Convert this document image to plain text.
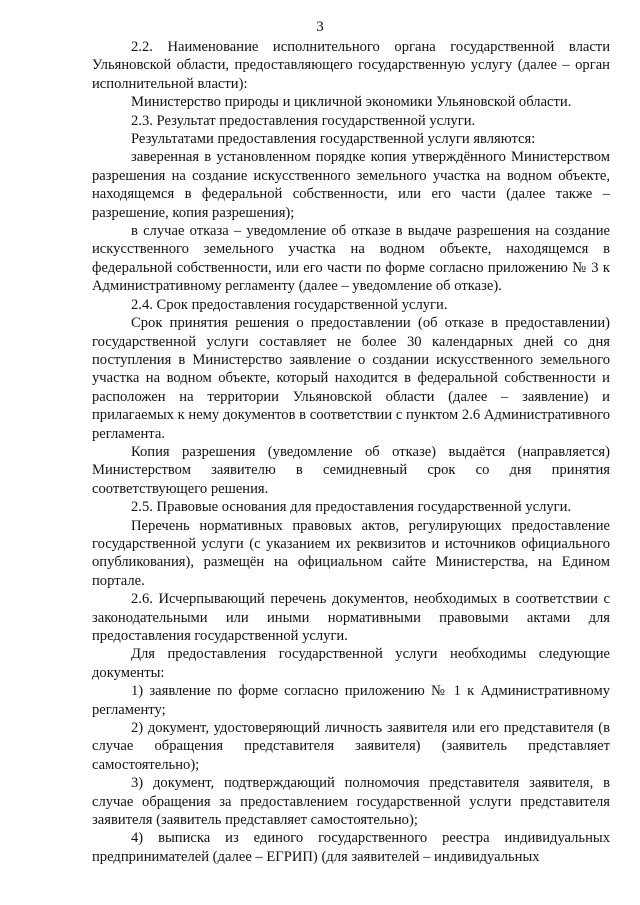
3

2.2. Наименование исполнительного органа государственной власти Ульяновской области, предоставляющего государственную услугу (далее – орган исполнительной власти):

Министерство природы и цикличной экономики Ульяновской области.

2.3. Результат предоставления государственной услуги.

Результатами предоставления государственной услуги являются:

заверенная в установленном порядке копия утверждённого Министерством разрешения на создание искусственного земельного участка на водном объекте, находящемся в федеральной собственности, или его части (далее также – разрешение, копия разрешения);

в случае отказа – уведомление об отказе в выдаче разрешения на создание искусственного земельного участка на водном объекте, находящемся в федеральной собственности, или его части по форме согласно приложению № 3 к Административному регламенту (далее – уведомление об отказе).

2.4. Срок предоставления государственной услуги.

Срок принятия решения о предоставлении (об отказе в предоставлении) государственной услуги составляет не более 30 календарных дней со дня поступления в Министерство заявление о создании искусственного земельного участка на водном объекте, который находится в федеральной собственности и расположен на территории Ульяновской области (далее – заявление) и прилагаемых к нему документов в соответствии с пунктом 2.6 Административного регламента.

Копия разрешения (уведомление об отказе) выдаётся (направляется) Министерством заявителю в семидневный срок со дня принятия соответствующего решения.

2.5. Правовые основания для предоставления государственной услуги.

Перечень нормативных правовых актов, регулирующих предоставление государственной услуги (с указанием их реквизитов и источников официального опубликования), размещён на официальном сайте Министерства, на Едином портале.

2.6. Исчерпывающий перечень документов, необходимых в соответствии с законодательными или иными нормативными правовыми актами для предоставления государственной услуги.

Для предоставления государственной услуги необходимы следующие документы:

1) заявление по форме согласно приложению № 1 к Административному регламенту;

2) документ, удостоверяющий личность заявителя или его представителя (в случае обращения представителя заявителя) (заявитель представляет самостоятельно);

3) документ, подтверждающий полномочия представителя заявителя, в случае обращения за предоставлением государственной услуги представителя заявителя (заявитель представляет самостоятельно);

4) выписка из единого государственного реестра индивидуальных предпринимателей (далее – ЕГРИП) (для заявителей – индивидуальных
